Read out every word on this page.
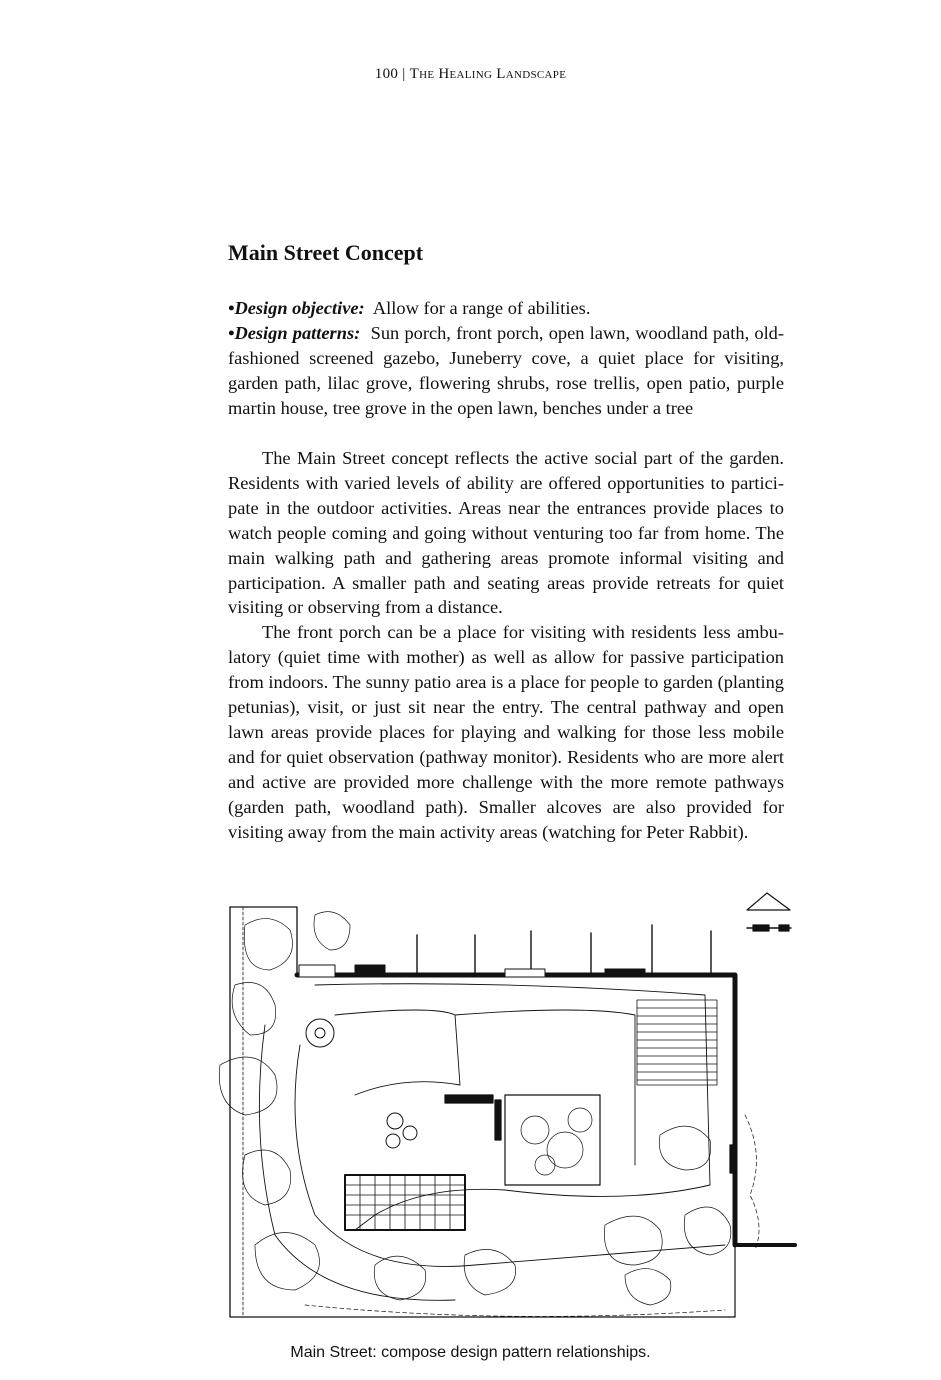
100 | The Healing Landscape
Main Street Concept

•Design objective: Allow for a range of abilities.

•Design patterns: Sun porch, front porch, open lawn, woodland path, old-fashioned screened gazebo, Juneberry cove, a quiet place for visiting, garden path, lilac grove, flowering shrubs, rose trellis, open patio, purple martin house, tree grove in the open lawn, benches under a tree

The Main Street concept reflects the active social part of the garden. Residents with varied levels of ability are offered opportunities to participate in the outdoor activities. Areas near the entrances provide places to watch people coming and going without venturing too far from home. The main walking path and gathering areas promote informal visiting and participation. A smaller path and seating areas provide retreats for quiet visiting or observing from a distance.

The front porch can be a place for visiting with residents less ambulatory (quiet time with mother) as well as allow for passive participation from indoors. The sunny patio area is a place for people to garden (planting petunias), visit, or just sit near the entry. The central pathway and open lawn areas provide places for playing and walking for those less mobile and for quiet observation (pathway monitor). Residents who are more alert and active are provided more challenge with the more remote pathways (garden path, woodland path). Smaller alcoves are also provided for visiting away from the main activity areas (watching for Peter Rabbit).

Main Street: compose design pattern relationships.
